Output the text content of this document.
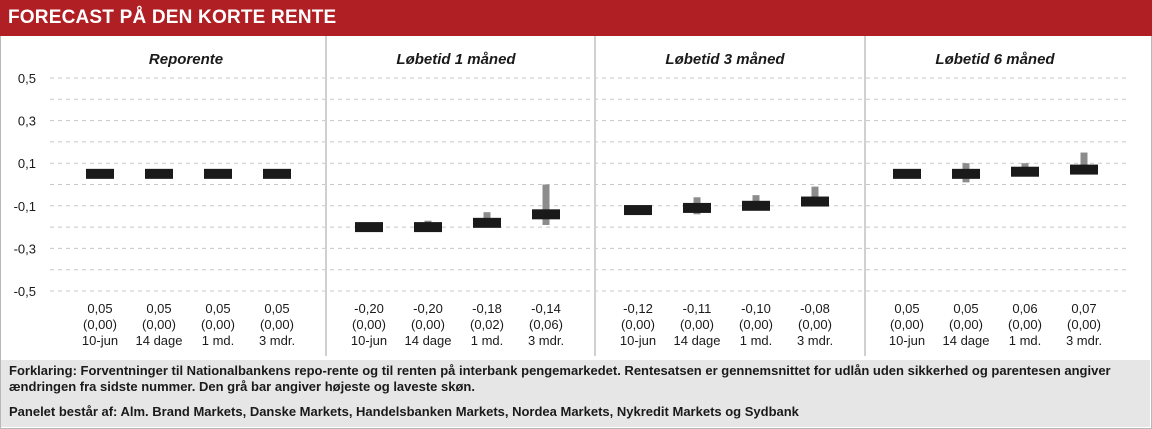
FORECAST PÅ DEN KORTE RENTE
0,5
0,3
0,1
-0,1
-0,3
-0,5
Reporente
0,05
(0,00)
10-jun
0,05
(0,00)
14 dage
0,05
(0,00)
1 md.
0,05
(0,00)
3 mdr.
Løbetid 1 måned
-0,20
(0,00)
10-jun
-0,20
(0,00)
14 dage
-0,18
(0,02)
1 md.
-0,14
(0,06)
3 mdr.
Løbetid 3 måned
-0,12
(0,00)
10-jun
-0,11
(0,00)
14 dage
-0,10
(0,00)
1 md.
-0,08
(0,00)
3 mdr.
Løbetid 6 måned
0,05
(0,00)
10-jun
0,05
(0,00)
14 dage
0,06
(0,00)
1 md.
0,07
(0,00)
3 mdr.
Forklaring: Forventninger til Nationalbankens repo-rente og til renten på interbank pengemarkedet. Rentesatsen er gennemsnittet for udlån uden sikkerhed og parentesen angiver ændringen fra sidste nummer. Den grå bar angiver højeste og laveste skøn.
Panelet består af: Alm. Brand Markets, Danske Markets, Handelsbanken Markets, Nordea Markets, Nykredit Markets og Sydbank
